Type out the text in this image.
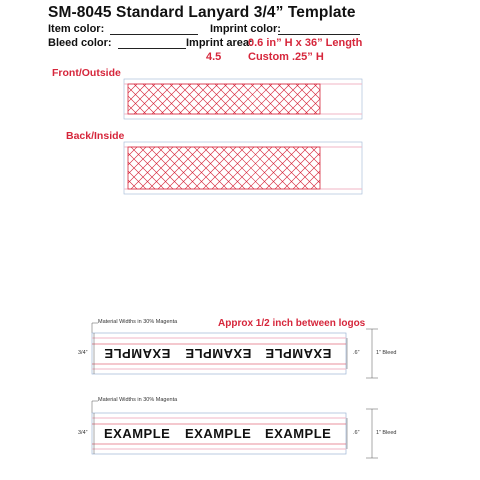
SM-8045 Standard Lanyard 3/4” Template
Item color:	Imprint color:
Bleed color:	Imprint area:
0.6 in” H x 36” Length
4.5 Custom .25” H
Front/Outside
Back/Inside
Approx 1/2 inch between logos
Material Widths in 30% Magenta
3/4”	.6”	1” Bleed
EXAMPLE EXAMPLE EXAMPLE
Material Widths in 30% Magenta
3/4”	.6”	1” Bleed
EXAMPLE EXAMPLE EXAMPLE
